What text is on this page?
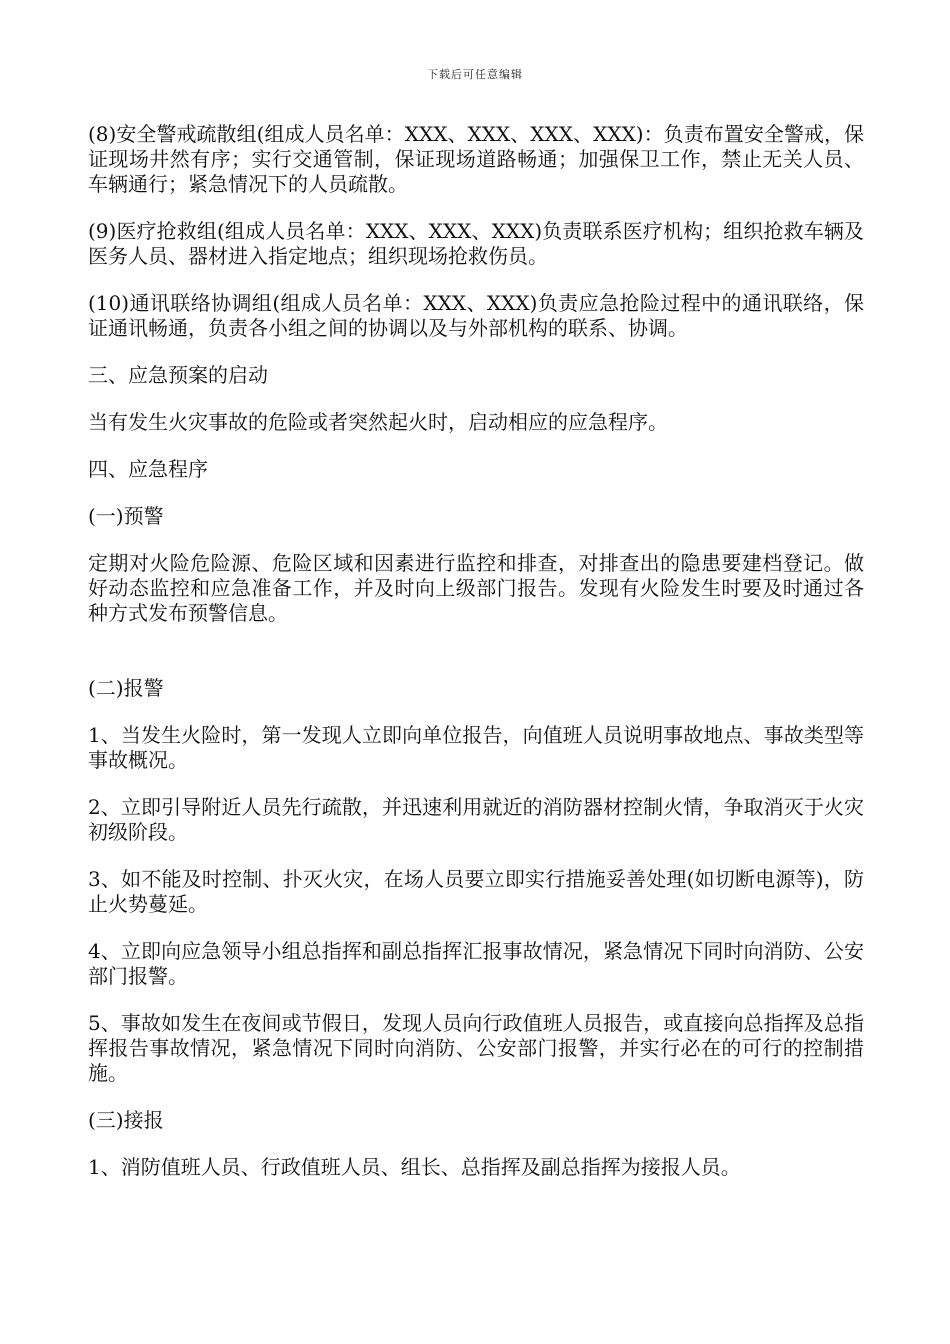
下载后可任意编辑

(8)安全警戒疏散组(组成人员名单：XXX、XXX、XXX、XXX)：负责布置安全警戒，保证现场井然有序；实行交通管制，保证现场道路畅通；加强保卫工作，禁止无关人员、车辆通行；紧急情况下的人员疏散。

(9)医疗抢救组(组成人员名单：XXX、XXX、XXX)负责联系医疗机构；组织抢救车辆及医务人员、器材进入指定地点；组织现场抢救伤员。

(10)通讯联络协调组(组成人员名单：XXX、XXX)负责应急抢险过程中的通讯联络，保证通讯畅通，负责各小组之间的协调以及与外部机构的联系、协调。

三、应急预案的启动

当有发生火灾事故的危险或者突然起火时，启动相应的应急程序。

四、应急程序

(一)预警

定期对火险危险源、危险区域和因素进行监控和排查，对排查出的隐患要建档登记。做好动态监控和应急准备工作，并及时向上级部门报告。发现有火险发生时要及时通过各种方式发布预警信息。

(二)报警

1、当发生火险时，第一发现人立即向单位报告，向值班人员说明事故地点、事故类型等事故概况。

2、立即引导附近人员先行疏散，并迅速利用就近的消防器材控制火情，争取消灭于火灾初级阶段。

3、如不能及时控制、扑灭火灾，在场人员要立即实行措施妥善处理(如切断电源等)，防止火势蔓延。

4、立即向应急领导小组总指挥和副总指挥汇报事故情况，紧急情况下同时向消防、公安部门报警。

5、事故如发生在夜间或节假日，发现人员向行政值班人员报告，或直接向总指挥及总指挥报告事故情况，紧急情况下同时向消防、公安部门报警，并实行必在的可行的控制措施。

(三)接报

1、消防值班人员、行政值班人员、组长、总指挥及副总指挥为接报人员。
